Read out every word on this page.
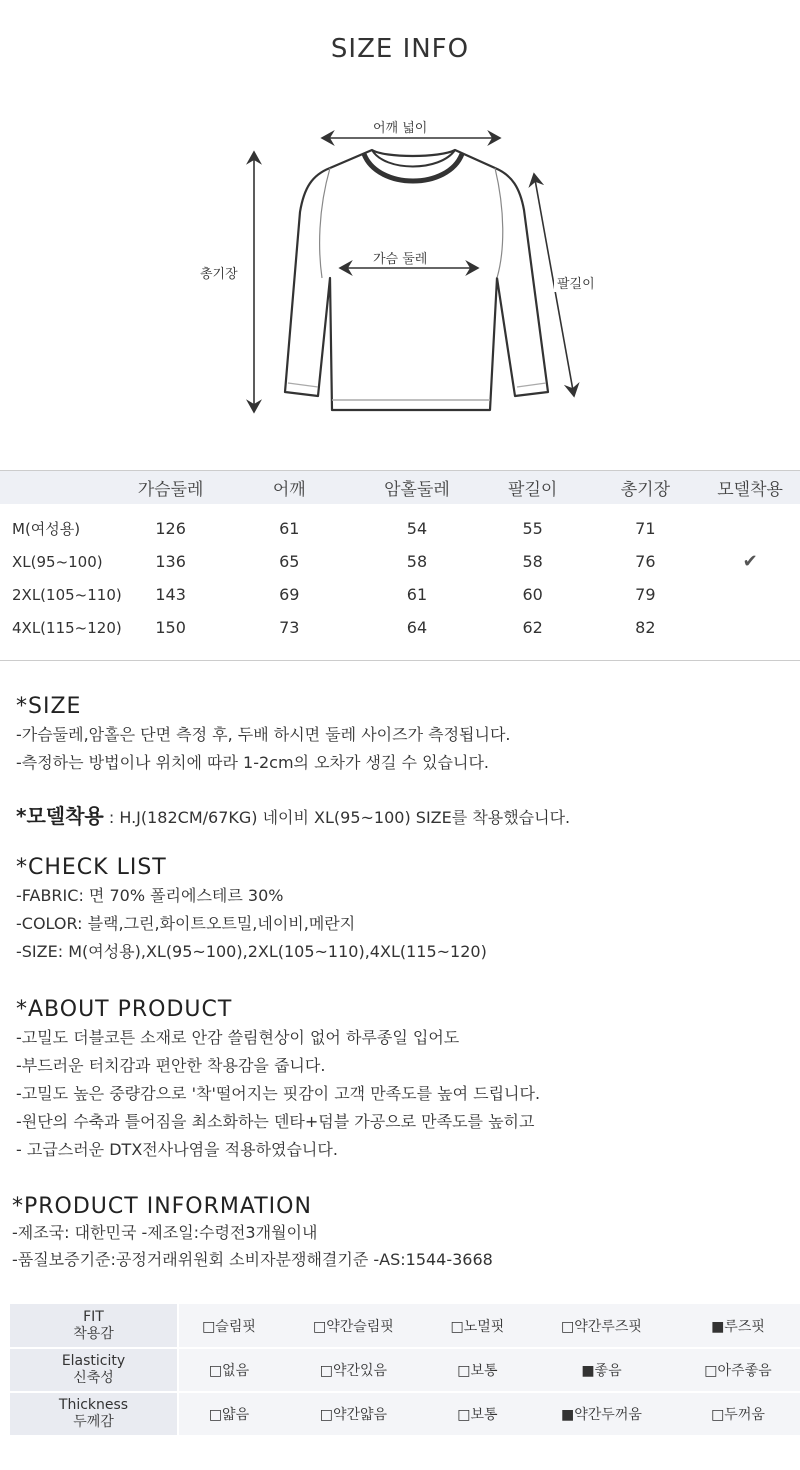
SIZE INFO
어깨 넓이
가슴 둘레
총기장
팔길이
	가슴둘레	어깨	암홀둘레	팔길이	총기장	모델착용
M(여성용)	126	61	54	55	71	
XL(95~100)	136	65	58	58	76	✔
2XL(105~110)	143	69	61	60	79	
4XL(115~120)	150	73	64	62	82	
*SIZE

-가슴둘레,암홀은 단면 측정 후, 두배 하시면 둘레 사이즈가 측정됩니다.

-측정하는 방법이나 위치에 따라 1-2cm의 오차가 생길 수 있습니다.

*모델착용 : H.J(182CM/67KG) 네이비 XL(95~100) SIZE를 착용했습니다.
*CHECK LIST

-FABRIC: 면 70% 폴리에스테르 30%

-COLOR: 블랙,그린,화이트오트밀,네이비,메란지

-SIZE: M(여성용),XL(95~100),2XL(105~110),4XL(115~120)

*ABOUT PRODUCT

-고밀도 더블코튼 소재로 안감 쓸림현상이 없어 하루종일 입어도

-부드러운 터치감과 편안한 착용감을 줍니다.

-고밀도 높은 중량감으로 '착'떨어지는 핏감이 고객 만족도를 높여 드립니다.

-원단의 수축과 틀어짐을 최소화하는 덴타+덤블 가공으로 만족도를 높히고

- 고급스러운 DTX전사나염을 적용하였습니다.

*PRODUCT INFORMATION

-제조국: 대한민국 -제조일:수령전3개월이내

-품질보증기준:공정거래위원회 소비자분쟁해결기준 -AS:1544-3668

FIT
착용감	□슬림핏	□약간슬림핏	□노멀핏	□약간루즈핏	■루즈핏
Elasticity
신축성	□없음	□약간있음	□보통	■좋음	□아주좋음
Thickness
두께감	□얇음	□약간얇음	□보통	■약간두꺼움	□두꺼움
